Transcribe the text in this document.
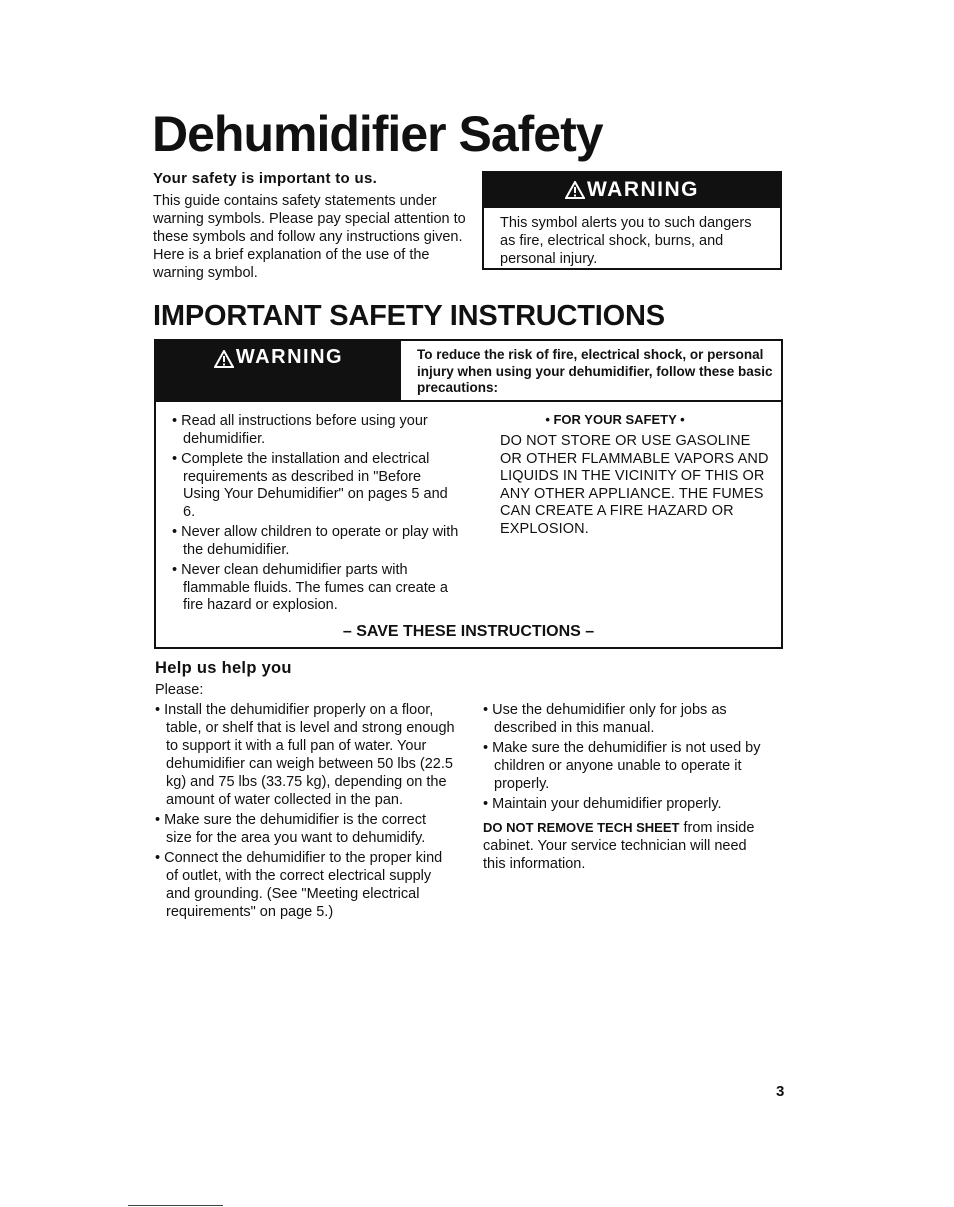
Dehumidifier Safety

Your safety is important to us.

This guide contains safety statements under warning symbols. Please pay special attention to these symbols and follow any instructions given. Here is a brief explanation of the use of the warning symbol.

WARNING

This symbol alerts you to such dangers as fire, electrical shock, burns, and personal injury.

IMPORTANT SAFETY INSTRUCTIONS
WARNING	To reduce the risk of fire, electrical shock, or personal injury when using your dehumidifier, follow these basic precautions:

• Read all instructions before using your dehumidifier.
• Complete the installation and electrical requirements as described in "Before Using Your Dehumidifier" on pages 5 and 6.
• Never allow children to operate or play with the dehumidifier.
• Never clean dehumidifier parts with flammable fluids. The fumes can create a fire hazard or explosion.

• FOR YOUR SAFETY •

DO NOT STORE OR USE GASOLINE OR OTHER FLAMMABLE VAPORS AND LIQUIDS IN THE VICINITY OF THIS OR ANY OTHER APPLIANCE. THE FUMES CAN CREATE A FIRE HAZARD OR EXPLOSION.

– SAVE THESE INSTRUCTIONS –

Help us help you

Please:

• Install the dehumidifier properly on a floor, table, or shelf that is level and strong enough to support it with a full pan of water. Your dehumidifier can weigh between 50 lbs (22.5 kg) and 75 lbs (33.75 kg), depending on the amount of water collected in the pan.
• Make sure the dehumidifier is the correct size for the area you want to dehumidify.
• Connect the dehumidifier to the proper kind of outlet, with the correct electrical supply and grounding. (See "Meeting electrical requirements" on page 5.)
• Use the dehumidifier only for jobs as described in this manual.
• Make sure the dehumidifier is not used by children or anyone unable to operate it properly.
• Maintain your dehumidifier properly.

DO NOT REMOVE TECH SHEET from inside cabinet. Your service technician will need this information.

3
